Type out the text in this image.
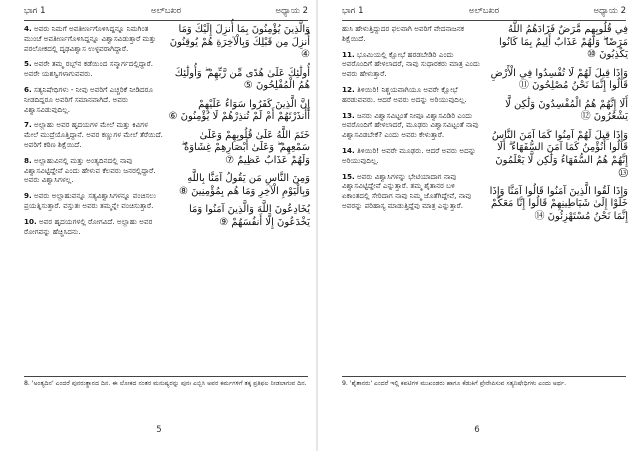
ಭಾಗ 1	ಅಲ್‌ಬಖರ	ಅಧ್ಯಾಯ 2

4. ಅವರು ನಿಮಗೆ ಅವತೀರ್ಣಗೊಳಿಸಿದ್ದನ್ನೂ ನಿಮಗಿಂತ ಮುಂಚೆ ಅವತೀರ್ಣಗೊಳಿಸಿದ್ದನ್ನೂ ವಿಶ್ವಾಸವಿಡುತ್ತಾರೆ ಮತ್ತು ಪರಲೋಕದಲ್ಲಿ ದೃಢವಿಶ್ವಾಸ ಉಳ್ಳವರಾಗಿದ್ದಾರೆ.

5. ಅವರೇ ತಮ್ಮ ರಬ್ಬ್‌ನ ಕಡೆಯಿಂದ ಸನ್ಮಾರ್ಗದಲ್ಲಿದ್ದಾರೆ. ಅವರೇ ಯಶಸ್ವಿಗಳಾಗುವವರು.

6. ಸತ್ಯನಿಷೇಧಿಗಳು - ನೀವು ಅವರಿಗೆ ಎಚ್ಚರಿಕೆ ನೀಡಿದರೂ ನೀಡದಿದ್ದರೂ ಅವರಿಗೆ ಸಮಾನವಾಗಿದೆ. ಅವರು ವಿಶ್ವಾಸವಿಡುವುದಿಲ್ಲ.

7. ಅಲ್ಲಾಹು ಅವರ ಹೃದಯಗಳ ಮೇಲೆ ಮತ್ತು ಕಿವಿಗಳ ಮೇಲೆ ಮುದ್ರೆಯೊತ್ತಿದ್ದಾನೆ. ಅವರ ಕಣ್ಣುಗಳ ಮೇಲೆ ತೆರೆಯಿದೆ. ಅವರಿಗೆ ಕಠಿಣ ಶಿಕ್ಷೆಯಿದೆ.

8. ಅಲ್ಲಾಹುವಿನಲ್ಲಿ ಮತ್ತು ಅಂತ್ಯದಿನದಲ್ಲಿ ನಾವು ವಿಶ್ವಾಸವಿಟ್ಟಿದ್ದೇವೆ ಎಂದು ಹೇಳುವ ಕೆಲವರು ಜನರಲ್ಲಿದ್ದಾರೆ. ಅವರು ವಿಶ್ವಾಸಿಗಳಲ್ಲ.

9. ಅವರು ಅಲ್ಲಾಹುವನ್ನೂ ಸತ್ಯವಿಶ್ವಾಸಿಗಳನ್ನೂ ವಂಚಿಸಲು ಪ್ರಯತ್ನಿಸುತ್ತಾರೆ. ವಸ್ತುತಃ ಅವರು ತಮ್ಮನ್ನೇ ವಂಚಿಸುತ್ತಾರೆ.

10. ಅವರ ಹೃದಯಗಳಲ್ಲಿ ರೋಗವಿದೆ. ಅಲ್ಲಾಹು ಅವರ ರೋಗವನ್ನು ಹೆಚ್ಚಿಸಿದನು.

وَالَّذِينَ يُؤْمِنُونَ بِمَا أُنزِلَ إِلَيْكَ وَمَا أُنزِلَ مِن قَبْلِكَ وَبِالْآخِرَةِ هُمْ يُوقِنُونَ ④

أُولَٰئِكَ عَلَىٰ هُدًى مِّن رَّبِّهِمْ ۖ وَأُولَٰئِكَ هُمُ الْمُفْلِحُونَ ⑤

إِنَّ الَّذِينَ كَفَرُوا سَوَاءٌ عَلَيْهِمْ أَأَنذَرْتَهُمْ أَمْ لَمْ تُنذِرْهُمْ لَا يُؤْمِنُونَ ⑥

خَتَمَ اللَّهُ عَلَىٰ قُلُوبِهِمْ وَعَلَىٰ سَمْعِهِمْ ۖ وَعَلَىٰ أَبْصَارِهِمْ غِشَاوَةٌ ۖ وَلَهُمْ عَذَابٌ عَظِيمٌ ⑦

وَمِنَ النَّاسِ مَن يَقُولُ آمَنَّا بِاللَّهِ وَبِالْيَوْمِ الْآخِرِ وَمَا هُم بِمُؤْمِنِينَ ⑧

يُخَادِعُونَ اللَّهَ وَالَّذِينَ آمَنُوا وَمَا يَخْدَعُونَ إِلَّا أَنفُسَهُمْ ⑨

8. 'ಅಂತ್ಯದಿನ' ಎಂದರೆ ಪುನರುತ್ಥಾನದ ದಿನ. ಈ ಲೋಕದ ನಂತರ ಮನುಷ್ಯರನ್ನು ಪುನಃ ಎಬ್ಬಿಸಿ ಅವರ ಕರ್ಮಗಳಿಗೆ ತಕ್ಕ ಪ್ರತಿಫಲ ನೀಡಲಾಗುವ ದಿನ.
5
ಭಾಗ 1	ಅಲ್‌ಬಖರ	ಅಧ್ಯಾಯ 2

ಹುಸಿ ಹೇಳುತ್ತಿದ್ದುದರ ಫಲವಾಗಿ ಅವರಿಗೆ ವೇದನಾಜನಕ ಶಿಕ್ಷೆಯಿದೆ.

11. ಭೂಮಿಯಲ್ಲಿ ಕ್ಷೋಭೆ ಹರಡಬೇಡಿರಿ ಎಂದು ಅವರೊಂದಿಗೆ ಹೇಳಲಾದರೆ, ನಾವು ಸುಧಾರಕರು ಮಾತ್ರ ಎಂದು ಅವರು ಹೇಳುತ್ತಾರೆ.

12. ತಿಳಿಯಿರಿ! ನಿಶ್ಚಯವಾಗಿಯೂ ಅವರೇ ಕ್ಷೋಭೆ ಹರಡುವವರು. ಆದರೆ ಅವರು ಅದನ್ನು ಅರಿಯುವುದಿಲ್ಲ.

13. ಜನರು ವಿಶ್ವಾಸವಿಟ್ಟಂತೆ ನೀವೂ ವಿಶ್ವಾಸವಿಡಿರಿ ಎಂದು ಅವರೊಂದಿಗೆ ಹೇಳಲಾದರೆ, ಮೂಢರು ವಿಶ್ವಾಸವಿಟ್ಟಂತೆ ನಾವು ವಿಶ್ವಾಸವಿಡಬೇಕೆ? ಎಂದು ಅವರು ಕೇಳುತ್ತಾರೆ.

14. ತಿಳಿಯಿರಿ! ಅವರೇ ಮೂಢರು. ಆದರೆ ಅವರು ಅದನ್ನು ಅರಿಯುವುದಿಲ್ಲ.

15. ಅವರು ವಿಶ್ವಾಸಿಗಳನ್ನು ಭೇಟಿಯಾದಾಗ ನಾವು ವಿಶ್ವಾಸವಿಟ್ಟಿದ್ದೇವೆ ಎನ್ನುತ್ತಾರೆ. ತಮ್ಮ ಶೈತಾನರ ಬಳಿ ಏಕಾಂತದಲ್ಲಿ ಸೇರಿದಾಗ ನಾವು ನಿಮ್ಮ ಜೊತೆಗಿದ್ದೇವೆ, ನಾವು ಅವರನ್ನು ಪರಿಹಾಸ್ಯ ಮಾಡುತ್ತಿದ್ದೆವು ಮಾತ್ರ ಎನ್ನುತ್ತಾರೆ.

فِي قُلُوبِهِم مَّرَضٌ فَزَادَهُمُ اللَّهُ مَرَضًا ۖ وَلَهُمْ عَذَابٌ أَلِيمٌ بِمَا كَانُوا يَكْذِبُونَ ⑩

وَإِذَا قِيلَ لَهُمْ لَا تُفْسِدُوا فِي الْأَرْضِ قَالُوا إِنَّمَا نَحْنُ مُصْلِحُونَ ⑪

أَلَا إِنَّهُمْ هُمُ الْمُفْسِدُونَ وَلَٰكِن لَّا يَشْعُرُونَ ⑫

وَإِذَا قِيلَ لَهُمْ آمِنُوا كَمَا آمَنَ النَّاسُ قَالُوا أَنُؤْمِنُ كَمَا آمَنَ السُّفَهَاءُ ۗ أَلَا إِنَّهُمْ هُمُ السُّفَهَاءُ وَلَٰكِن لَّا يَعْلَمُونَ ⑬

وَإِذَا لَقُوا الَّذِينَ آمَنُوا قَالُوا آمَنَّا وَإِذَا خَلَوْا إِلَىٰ شَيَاطِينِهِمْ قَالُوا إِنَّا مَعَكُمْ إِنَّمَا نَحْنُ مُسْتَهْزِئُونَ ⑭

9. 'ಶೈತಾನರು' ಎಂದರೆ ಇಲ್ಲಿ ಕಪಟಿಗಳ ಮುಖಂಡರು ಹಾಗೂ ಕೆಡುಕಿಗೆ ಪ್ರೇರೇಪಿಸುವ ಸತ್ಯನಿಷೇಧಿಗಳು ಎಂದು ಅರ್ಥ.
6
